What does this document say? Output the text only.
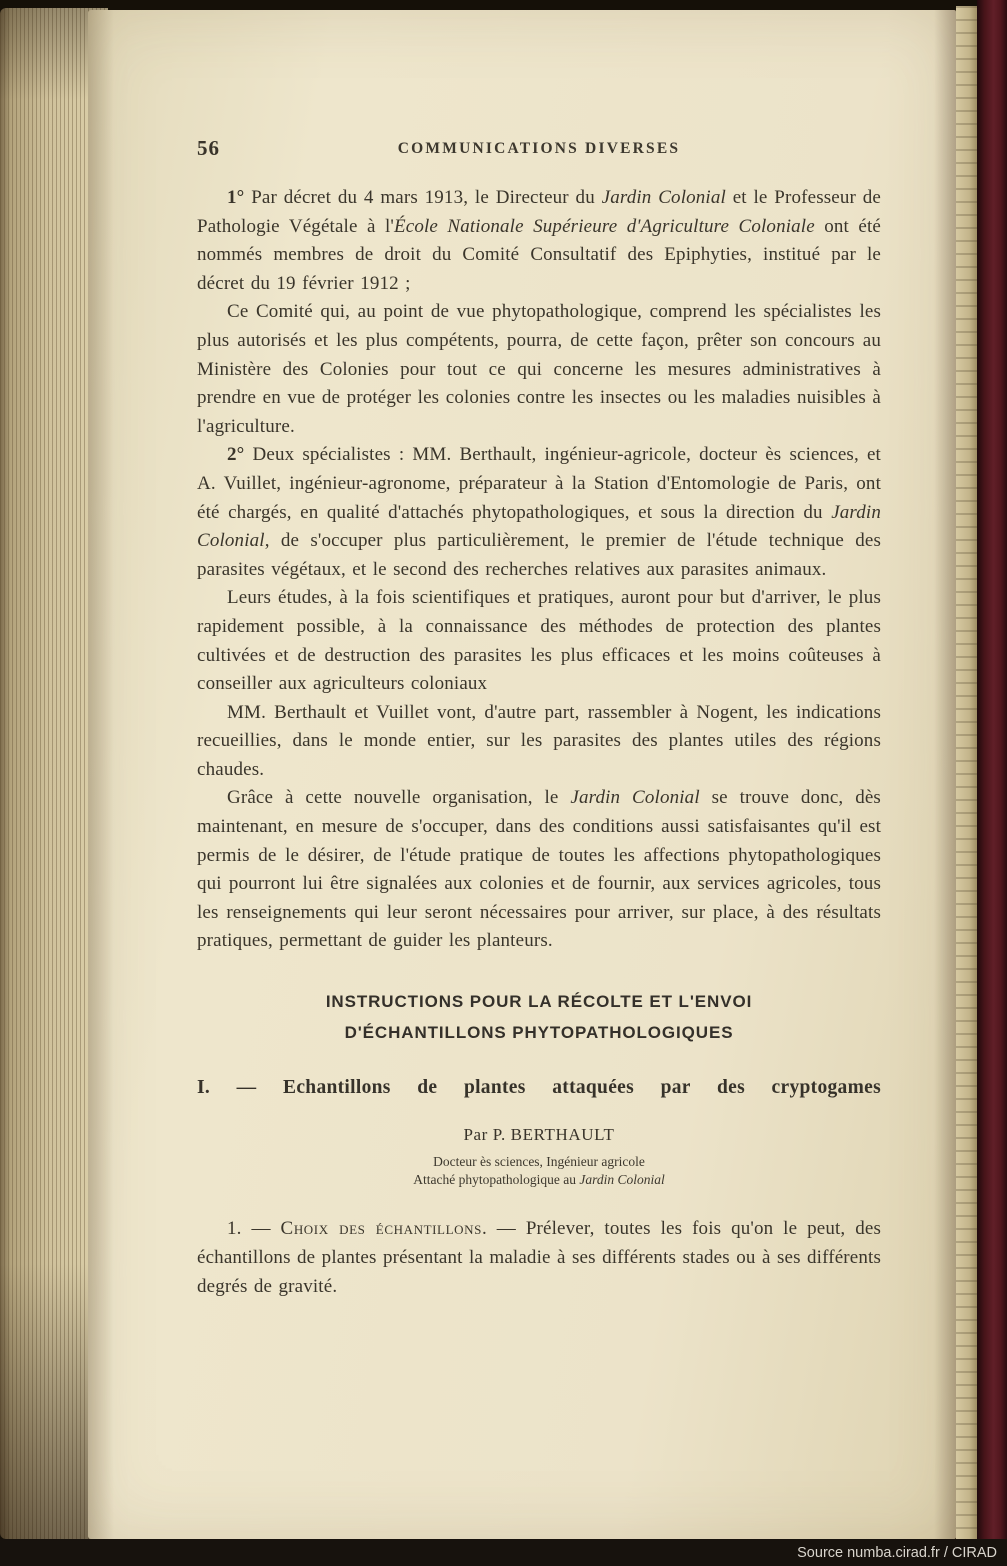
56	COMMUNICATIONS DIVERSES

1° Par décret du 4 mars 1913, le Directeur du Jardin Colonial et le Professeur de Pathologie Végétale à l'École Nationale Supérieure d'Agriculture Coloniale ont été nommés membres de droit du Comité Consultatif des Epiphyties, institué par le décret du 19 février 1912 ;

Ce Comité qui, au point de vue phytopathologique, comprend les spécialistes les plus autorisés et les plus compétents, pourra, de cette façon, prêter son concours au Ministère des Colonies pour tout ce qui concerne les mesures administratives à prendre en vue de protéger les colonies contre les insectes ou les maladies nuisibles à l'agriculture.

2° Deux spécialistes : MM. Berthault, ingénieur-agricole, docteur ès sciences, et A. Vuillet, ingénieur-agronome, préparateur à la Station d'Entomologie de Paris, ont été chargés, en qualité d'attachés phytopathologiques, et sous la direction du Jardin Colonial, de s'occuper plus particulièrement, le premier de l'étude technique des parasites végétaux, et le second des recherches relatives aux parasites animaux.

Leurs études, à la fois scientifiques et pratiques, auront pour but d'arriver, le plus rapidement possible, à la connaissance des méthodes de protection des plantes cultivées et de destruction des parasites les plus efficaces et les moins coûteuses à conseiller aux agriculteurs coloniaux

MM. Berthault et Vuillet vont, d'autre part, rassembler à Nogent, les indications recueillies, dans le monde entier, sur les parasites des plantes utiles des régions chaudes.

Grâce à cette nouvelle organisation, le Jardin Colonial se trouve donc, dès maintenant, en mesure de s'occuper, dans des conditions aussi satisfaisantes qu'il est permis de le désirer, de l'étude pratique de toutes les affections phytopathologiques qui pourront lui être signalées aux colonies et de fournir, aux services agricoles, tous les renseignements qui leur seront nécessaires pour arriver, sur place, à des résultats pratiques, permettant de guider les planteurs.

INSTRUCTIONS POUR LA RÉCOLTE ET L'ENVOI
D'ÉCHANTILLONS PHYTOPATHOLOGIQUES
I. — Echantillons de plantes attaquées par des cryptogames
Par P. BERTHAULT
Docteur ès sciences, Ingénieur agricole
Attaché phytopathologique au Jardin Colonial

1. — Choix des échantillons. — Prélever, toutes les fois qu'on le peut, des échantillons de plantes présentant la maladie à ses différents stades ou à ses différents degrés de gravité.

Source numba.cirad.fr / CIRAD
